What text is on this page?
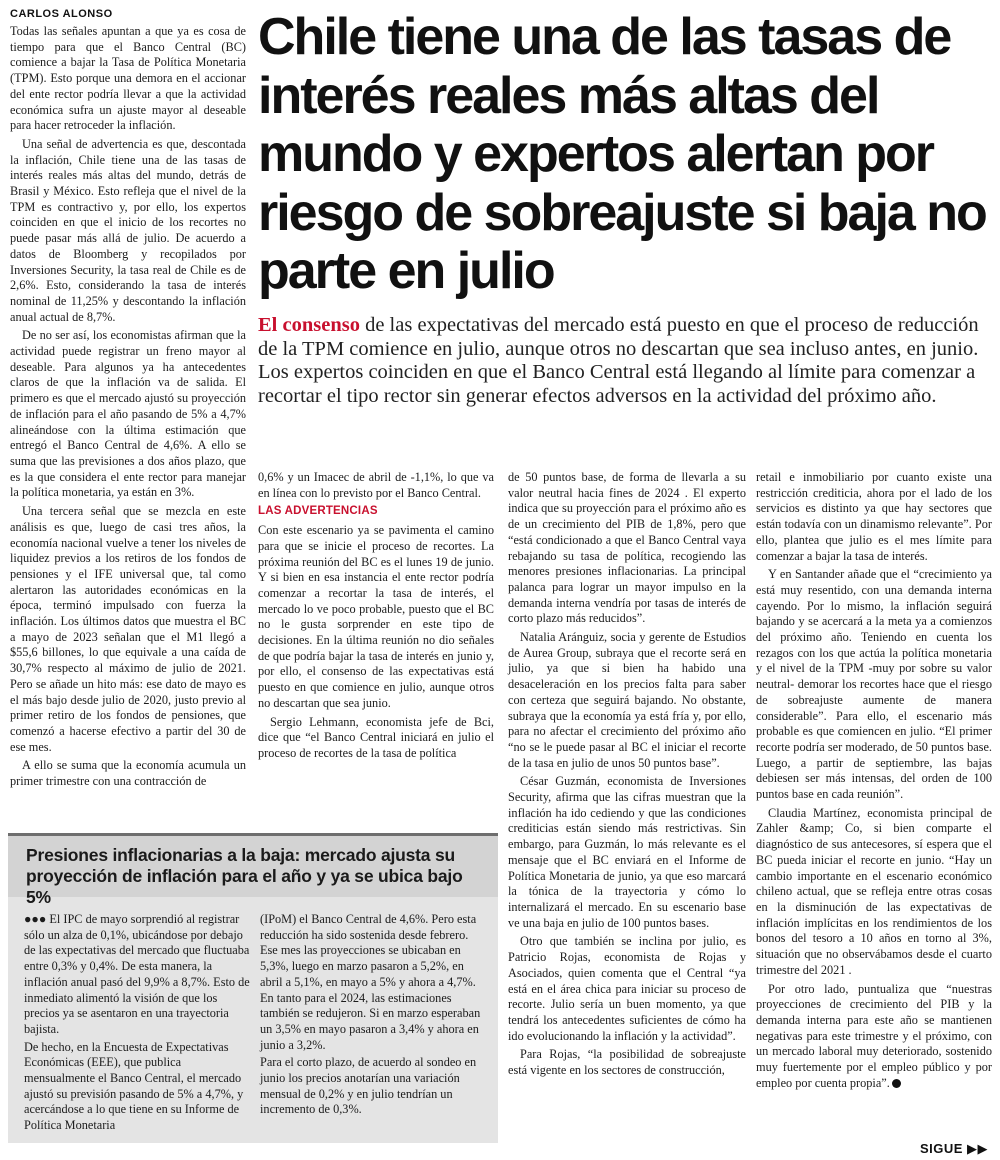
CARLOS ALONSO

Todas las señales apuntan a que ya es cosa de tiempo para que el Banco Central (BC) comience a bajar la Tasa de Política Monetaria (TPM). Esto porque una demora en el accionar del ente rector podría llevar a que la actividad económica sufra un ajuste mayor al deseable para hacer retroceder la inflación.

Una señal de advertencia es que, descontada la inflación, Chile tiene una de las tasas de interés reales más altas del mundo, detrás de Brasil y México. Esto refleja que el nivel de la TPM es contractivo y, por ello, los expertos coinciden en que el inicio de los recortes no puede pasar más allá de julio. De acuerdo a datos de Bloomberg y recopilados por Inversiones Security, la tasa real de Chile es de 2,6%. Esto, considerando la tasa de interés nominal de 11,25% y descontando la inflación anual actual de 8,7%.

De no ser así, los economistas afirman que la actividad puede registrar un freno mayor al deseable. Para algunos ya ha antecedentes claros de que la inflación va de salida. El primero es que el mercado ajustó su proyección de inflación para el año pasando de 5% a 4,7% alineándose con la última estimación que entregó el Banco Central de 4,6%. A ello se suma que las previsiones a dos años plazo, que es la que considera el ente rector para manejar la política monetaria, ya están en 3%.

Una tercera señal que se mezcla en este análisis es que, luego de casi tres años, la economía nacional vuelve a tener los niveles de liquidez previos a los retiros de los fondos de pensiones y el IFE universal que, tal como alertaron las autoridades económicas en la época, terminó impulsado con fuerza la inflación. Los últimos datos que muestra el BC a mayo de 2023 señalan que el M1 llegó a $55,6 billones, lo que equivale a una caída de 30,7% respecto al máximo de julio de 2021. Pero se añade un hito más: ese dato de mayo es el más bajo desde julio de 2020, justo previo al primer retiro de los fondos de pensiones, que comenzó a hacerse efectivo a partir del 30 de ese mes.

A ello se suma que la economía acumula un primer trimestre con una contracción de

Chile tiene una de las tasas de interés reales más altas del mundo y expertos alertan por riesgo de sobreajuste si baja no parte en julio

El consenso de las expectativas del mercado está puesto en que el proceso de reducción de la TPM comience en julio, aunque otros no descartan que sea incluso antes, en junio. Los expertos coinciden en que el Banco Central está llegando al límite para comenzar a recortar el tipo rector sin generar efectos adversos en la actividad del próximo año.

0,6% y un Imacec de abril de -1,1%, lo que va en línea con lo previsto por el Banco Central.

LAS ADVERTENCIAS

Con este escenario ya se pavimenta el camino para que se inicie el proceso de recortes. La próxima reunión del BC es el lunes 19 de junio. Y si bien en esa instancia el ente rector podría comenzar a recortar la tasa de interés, el mercado lo ve poco probable, puesto que el BC no le gusta sorprender en este tipo de decisiones. En la última reunión no dio señales de que podría bajar la tasa de interés en junio y, por ello, el consenso de las expectativas está puesto en que comience en julio, aunque otros no descartan que sea junio.

Sergio Lehmann, economista jefe de Bci, dice que “el Banco Central iniciará en julio el proceso de recortes de la tasa de política

de 50 puntos base, de forma de llevarla a su valor neutral hacia fines de 2024 . El experto indica que su proyección para el próximo año es de un crecimiento del PIB de 1,8%, pero que “está condicionado a que el Banco Central vaya rebajando su tasa de política, recogiendo las menores presiones inflacionarias. La principal palanca para lograr un mayor impulso en la demanda interna vendría por tasas de interés de corto plazo más reducidos”.

Natalia Aránguiz, socia y gerente de Estudios de Aurea Group, subraya que el recorte será en julio, ya que si bien ha habido una desaceleración en los precios falta para saber con certeza que seguirá bajando. No obstante, subraya que la economía ya está fría y, por ello, para no afectar el crecimiento del próximo año “no se le puede pasar al BC el iniciar el recorte de la tasa en julio de unos 50 puntos base”.

César Guzmán, economista de Inversiones Security, afirma que las cifras muestran que la inflación ha ido cediendo y que las condiciones crediticias están siendo más restrictivas. Sin embargo, para Guzmán, lo más relevante es el mensaje que el BC enviará en el Informe de Política Monetaria de junio, ya que eso marcará la tónica de la trayectoria y cómo lo internalizará el mercado. En su escenario base ve una baja en julio de 100 puntos bases.

Otro que también se inclina por julio, es Patricio Rojas, economista de Rojas y Asociados, quien comenta que el Central “ya está en el área chica para iniciar su proceso de recorte. Julio sería un buen momento, ya que tendrá los antecedentes suficientes de cómo ha ido evolucionando la inflación y la actividad”.

Para Rojas, “la posibilidad de sobreajuste está vigente en los sectores de construcción,

retail e inmobiliario por cuanto existe una restricción crediticia, ahora por el lado de los servicios es distinto ya que hay sectores que están todavía con un dinamismo relevante”. Por ello, plantea que julio es el mes límite para comenzar a bajar la tasa de interés.

Y en Santander añade que el “crecimiento ya está muy resentido, con una demanda interna cayendo. Por lo mismo, la inflación seguirá bajando y se acercará a la meta ya a comienzos del próximo año. Teniendo en cuenta los rezagos con los que actúa la política monetaria y el nivel de la TPM -muy por sobre su valor neutral- demorar los recortes hace que el riesgo de sobreajuste aumente de manera considerable”. Para ello, el escenario más probable es que comiencen en julio. “El primer recorte podría ser moderado, de 50 puntos base. Luego, a partir de septiembre, las bajas debiesen ser más intensas, del orden de 100 puntos base en cada reunión”.

Claudia Martínez, economista principal de Zahler &amp; Co, si bien comparte el diagnóstico de sus antecesores, sí espera que el BC pueda iniciar el recorte en junio. “Hay un cambio importante en el escenario económico chileno actual, que se refleja entre otras cosas en la disminución de las expectativas de inflación implícitas en los rendimientos de los bonos del tesoro a 10 años en torno al 3%, situación que no observábamos desde el cuarto trimestre del 2021 .

Por otro lado, puntualiza que “nuestras proyecciones de crecimiento del PIB y la demanda interna para este año se mantienen negativas para este trimestre y el próximo, con un mercado laboral muy deteriorado, sostenido muy fuertemente por el empleo público y por empleo por cuenta propia”.

Presiones inflacionarias a la baja: mercado ajusta su proyección de inflación para el año y ya se ubica bajo 5%

●●● El IPC de mayo sorprendió al registrar sólo un alza de 0,1%, ubicándose por debajo de las expectativas del mercado que fluctuaba entre 0,3% y 0,4%. De esta manera, la inflación anual pasó del 9,9% a 8,7%. Esto de inmediato alimentó la visión de que los precios ya se asentaron en una trayectoria bajista.

De hecho, en la Encuesta de Expectativas Económicas (EEE), que publica mensualmente el Banco Central, el mercado ajustó su previsión pasando de 5% a 4,7%, y acercándose a lo que tiene en su Informe de Política Monetaria

(IPoM) el Banco Central de 4,6%. Pero esta reducción ha sido sostenida desde febrero. Ese mes las proyecciones se ubicaban en 5,3%, luego en marzo pasaron a 5,2%, en abril a 5,1%, en mayo a 5% y ahora a 4,7%. En tanto para el 2024, las estimaciones también se redujeron. Si en marzo esperaban un 3,5% en mayo pasaron a 3,4% y ahora en junio a 3,2%.

Para el corto plazo, de acuerdo al sondeo en junio los precios anotarían una variación mensual de 0,2% y en julio tendrían un incremento de 0,3%.

SIGUE ▶▶
